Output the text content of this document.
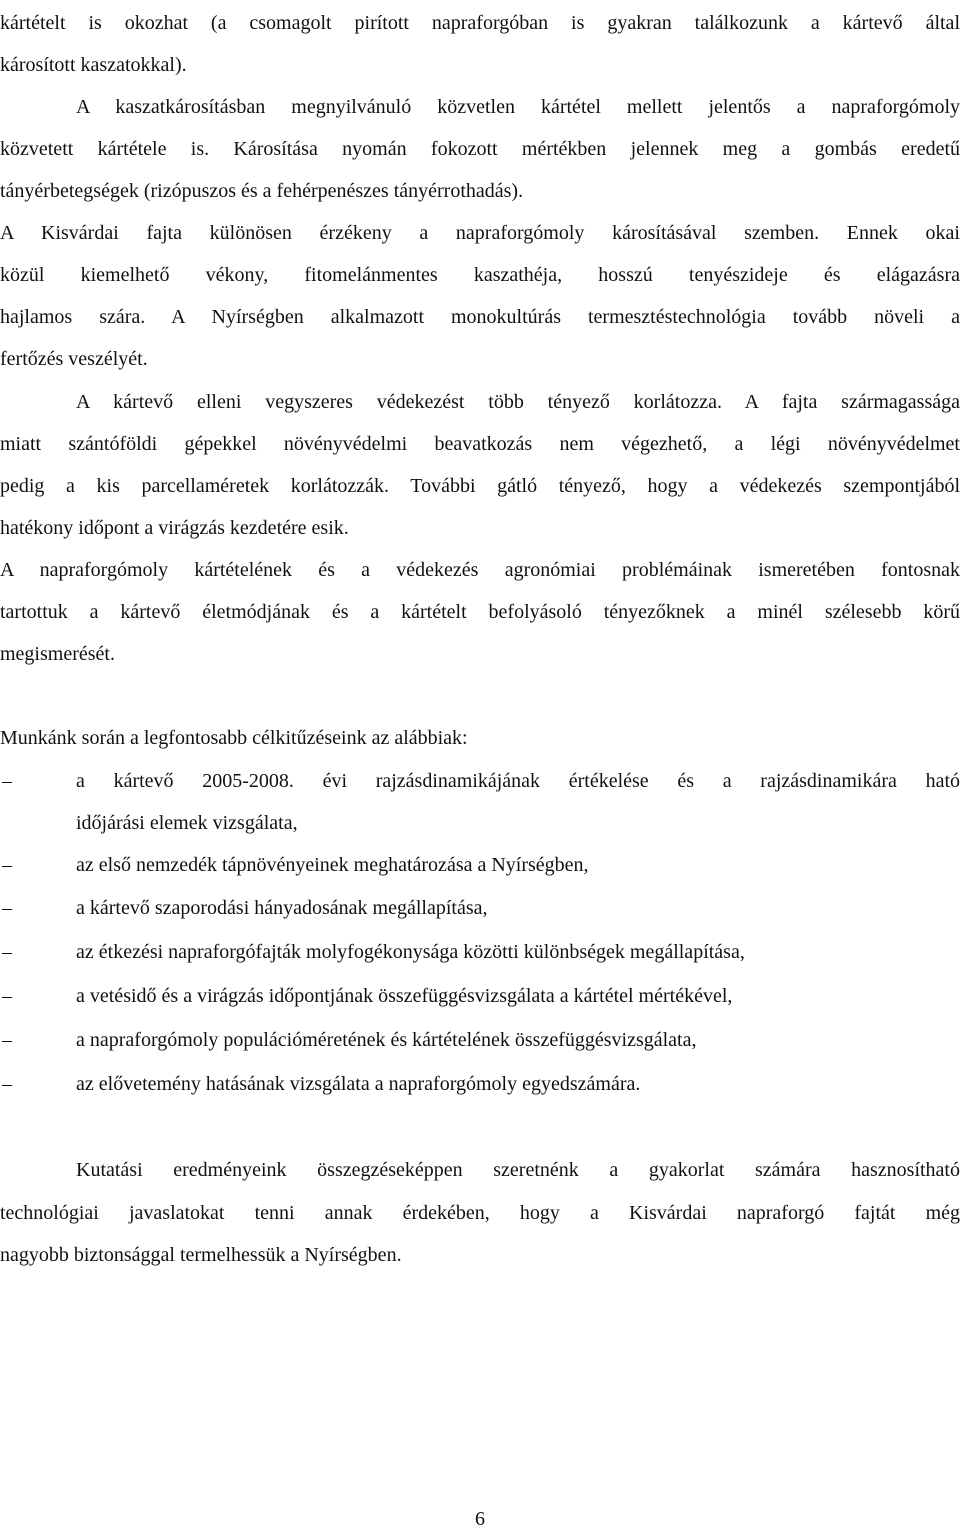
kártételt is okozhat (a csomagolt pirított napraforgóban is gyakran találkozunk a kártevő által
károsított kaszatokkal).
A kaszatkárosításban megnyilvánuló közvetlen kártétel mellett jelentős a napraforgómoly
közvetett kártétele is. Károsítása nyomán fokozott mértékben jelennek meg a gombás eredetű
tányérbetegségek (rizópuszos és a fehérpenészes tányérrothadás).
A Kisvárdai fajta különösen érzékeny a napraforgómoly károsításával szemben. Ennek okai
közül kiemelhető vékony, fitomelánmentes kaszathéja, hosszú tenyészideje és elágazásra
hajlamos szára. A Nyírségben alkalmazott monokultúrás termesztéstechnológia tovább növeli a
fertőzés veszélyét.
A kártevő elleni vegyszeres védekezést több tényező korlátozza. A fajta szármagassága
miatt szántóföldi gépekkel növényvédelmi beavatkozás nem végezhető, a légi növényvédelmet
pedig a kis parcellaméretek korlátozzák. További gátló tényező, hogy a védekezés szempontjából
hatékony időpont a virágzás kezdetére esik.
A napraforgómoly kártételének és a védekezés agronómiai problémáinak ismeretében fontosnak
tartottuk a kártevő életmódjának és a kártételt befolyásoló tényezőknek a minél szélesebb körű
megismerését.
Munkánk során a legfontosabb célkitűzéseink az alábbiak:
–	a kártevő 2005-2008. évi rajzásdinamikájának értékelése és a rajzásdinamikára ható
időjárási elemek vizsgálata,
–	az első nemzedék tápnövényeinek meghatározása a Nyírségben,
–	a kártevő szaporodási hányadosának megállapítása,
–	az étkezési napraforgófajták molyfogékonysága közötti különbségek megállapítása,
–	a vetésidő és a virágzás időpontjának összefüggésvizsgálata a kártétel mértékével,
–	a napraforgómoly populációméretének és kártételének összefüggésvizsgálata,
–	az elővetemény hatásának vizsgálata a napraforgómoly egyedszámára.
Kutatási eredményeink összegzéseképpen szeretnénk a gyakorlat számára hasznosítható
technológiai javaslatokat tenni annak érdekében, hogy a Kisvárdai napraforgó fajtát még
nagyobb biztonsággal termelhessük a Nyírségben.
6
